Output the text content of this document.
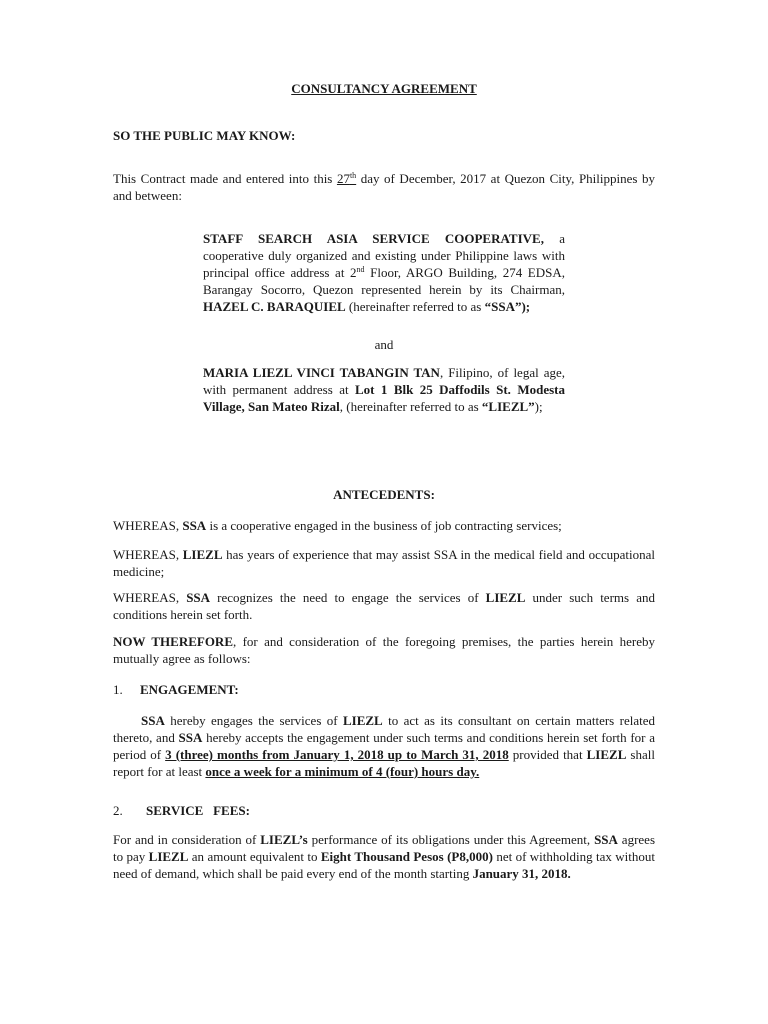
CONSULTANCY AGREEMENT
SO THE PUBLIC MAY KNOW:
This Contract made and entered into this 27th day of December, 2017 at Quezon City, Philippines by and between:
STAFF SEARCH ASIA SERVICE COOPERATIVE, a cooperative duly organized and existing under Philippine laws with principal office address at 2nd Floor, ARGO Building, 274 EDSA, Barangay Socorro, Quezon represented herein by its Chairman, HAZEL C. BARAQUIEL (hereinafter referred to as “SSA”);
and
MARIA LIEZL VINCI TABANGIN TAN, Filipino, of legal age, with permanent address at Lot 1 Blk 25 Daffodils St. Modesta Village, San Mateo Rizal, (hereinafter referred to as “LIEZL”);
ANTECEDENTS:
WHEREAS, SSA is a cooperative engaged in the business of job contracting services;
WHEREAS, LIEZL has years of experience that may assist SSA in the medical field and occupational medicine;
WHEREAS, SSA recognizes the need to engage the services of LIEZL under such terms and conditions herein set forth.
NOW THEREFORE, for and consideration of the foregoing premises, the parties herein hereby mutually agree as follows:
1. ENGAGEMENT:
SSA hereby engages the services of LIEZL to act as its consultant on certain matters related thereto, and SSA hereby accepts the engagement under such terms and conditions herein set forth for a period of 3 (three) months from January 1, 2018 up to March 31, 2018 provided that LIEZL shall report for at least once a week for a minimum of 4 (four) hours day.
2. SERVICE   FEES:
For and in consideration of LIEZL’s performance of its obligations under this Agreement, SSA agrees to pay LIEZL an amount equivalent to Eight Thousand Pesos (P8,000) net of withholding tax without need of demand, which shall be paid every end of the month starting January 31, 2018.
